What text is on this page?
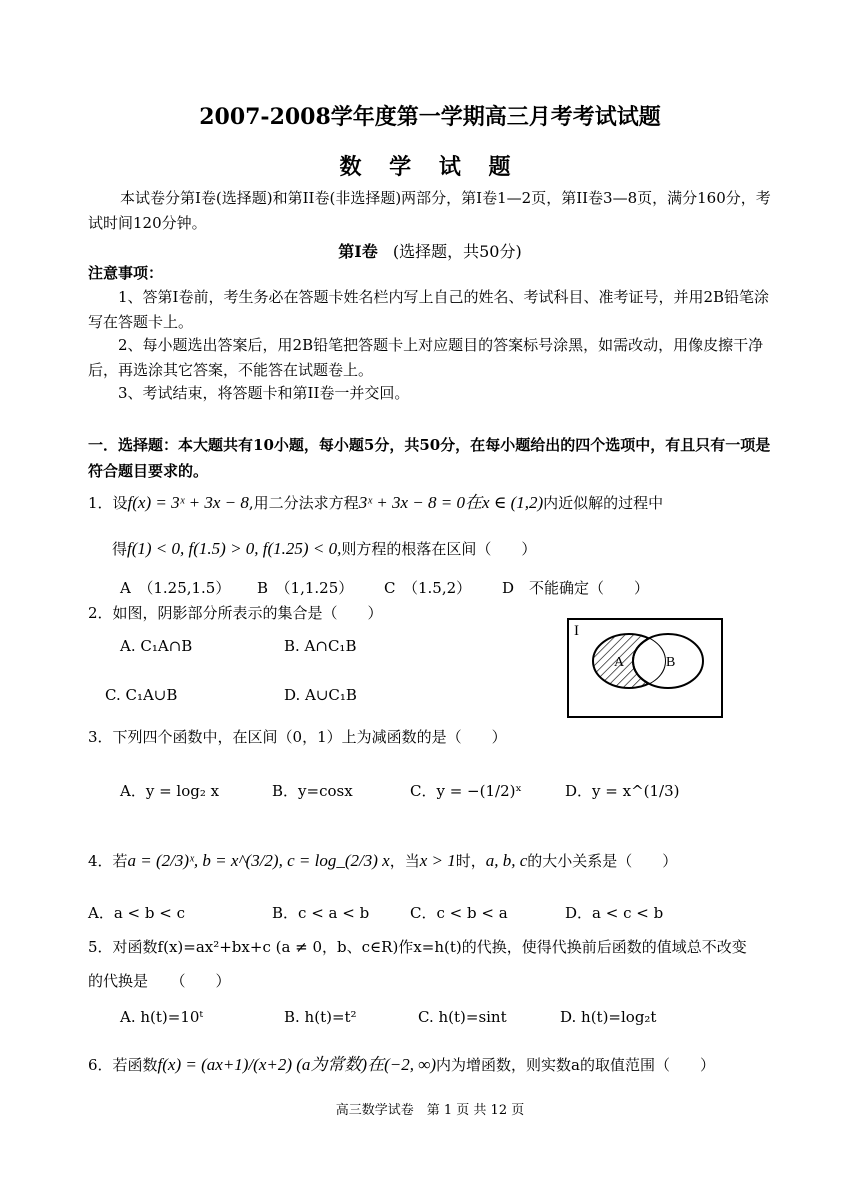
2007-2008学年度第一学期高三月考考试试题
数 学 试 题
本试卷分第I卷(选择题)和第II卷(非选择题)两部分，第I卷1—2页，第II卷3—8页，满分160分，考试时间120分钟。
第I卷 (选择题，共50分)
注意事项：
1、答第I卷前，考生务必在答题卡姓名栏内写上自己的姓名、考试科目、准考证号，并用2B铅笔涂写在答题卡上。
2、每小题选出答案后，用2B铅笔把答题卡上对应题目的答案标号涂黑，如需改动，用像皮擦干净后，再选涂其它答案，不能答在试题卷上。
3、考试结束，将答题卡和第II卷一并交回。
一．选择题：本大题共有10小题，每小题5分，共50分，在每小题给出的四个选项中，有且只有一项是符合题目要求的。
1．设f(x) = 3ˣ + 3x − 8,用二分法求方程3ˣ + 3x − 8 = 0在x ∈ (1,2)内近似解的过程中
得f(1) < 0, f(1.5) > 0, f(1.25) < 0,则方程的根落在区间（　　）
A　（1.25,1.5） B　（1,1.25） C　（1.5,2） D　不能确定（　　）
2．如图，阴影部分所表示的集合是（　　）
A. C₁A∩B	B. A∩C₁B
C. C₁A∪B	D. A∪C₁B
I
A	B
3．下列四个函数中，在区间（0，1）上为减函数的是（　　）
A．y = log₂ x	B．y=cosx	C．y = −(1/2)ˣ	D．y = x^(1/3)
4．若a = (2/3)ˣ, b = x^(3/2), c = log_(2/3) x，当x > 1时，a, b, c的大小关系是（　　）
A．a < b < c	B．c < a < b	C．c < b < a	D．a < c < b
5．对函数f(x)=ax²+bx+c (a ≠ 0，b、c∈R)作x=h(t)的代换，使得代换前后函数的值域总不改变
的代换是　　（　　）
A. h(t)=10ᵗ	B. h(t)=t²	C. h(t)=sint	D. h(t)=log₂t
6．若函数f(x) = (ax+1)/(x+2) (a为常数)在(−2, ∞)内为增函数，则实数a的取值范围（　　）
高三数学试卷　第 1 页 共 12 页
